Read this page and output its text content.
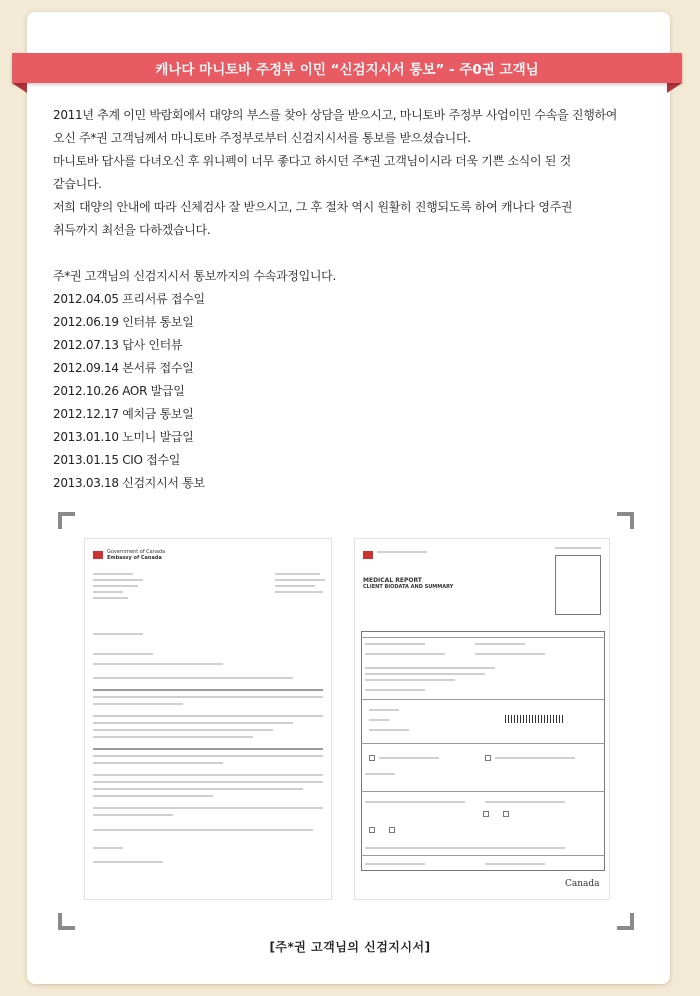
캐나다 마니토바 주정부 이민 “신검지시서 통보” - 주0권 고객님

2011년 추계 이민 박람회에서 대양의 부스를 찾아 상담을 받으시고, 마니토바 주정부 사업이민 수속을 진행하여

오신 주*권 고객님께서 마니토바 주정부로부터 신검지시서를 통보를 받으셨습니다.

마니토바 답사를 다녀오신 후 위니펙이 너무 좋다고 하시던 주*권 고객님이시라 더욱 기쁜 소식이 된 것

같습니다.

저희 대양의 안내에 따라 신체검사 잘 받으시고, 그 후 절차 역시 원활히 진행되도록 하여 캐나다 영주권

취득까지 최선을 다하겠습니다.

주*권 고객님의 신검지시서 통보까지의 수속과정입니다.

2012.04.05 프리서류 접수일

2012.06.19 인터뷰 통보일

2012.07.13 답사 인터뷰

2012.09.14 본서류 접수일

2012.10.26 AOR 발급일

2012.12.17 예치금 통보일

2013.01.10 노미니 발급일

2013.01.15 CIO 접수일

2013.03.18 신검지시서 통보

Government of Canada
Embassy of Canada
MEDICAL REPORT
CLIENT BIODATA AND SUMMARY
Canada
[주*권 고객님의 신검지시서]
